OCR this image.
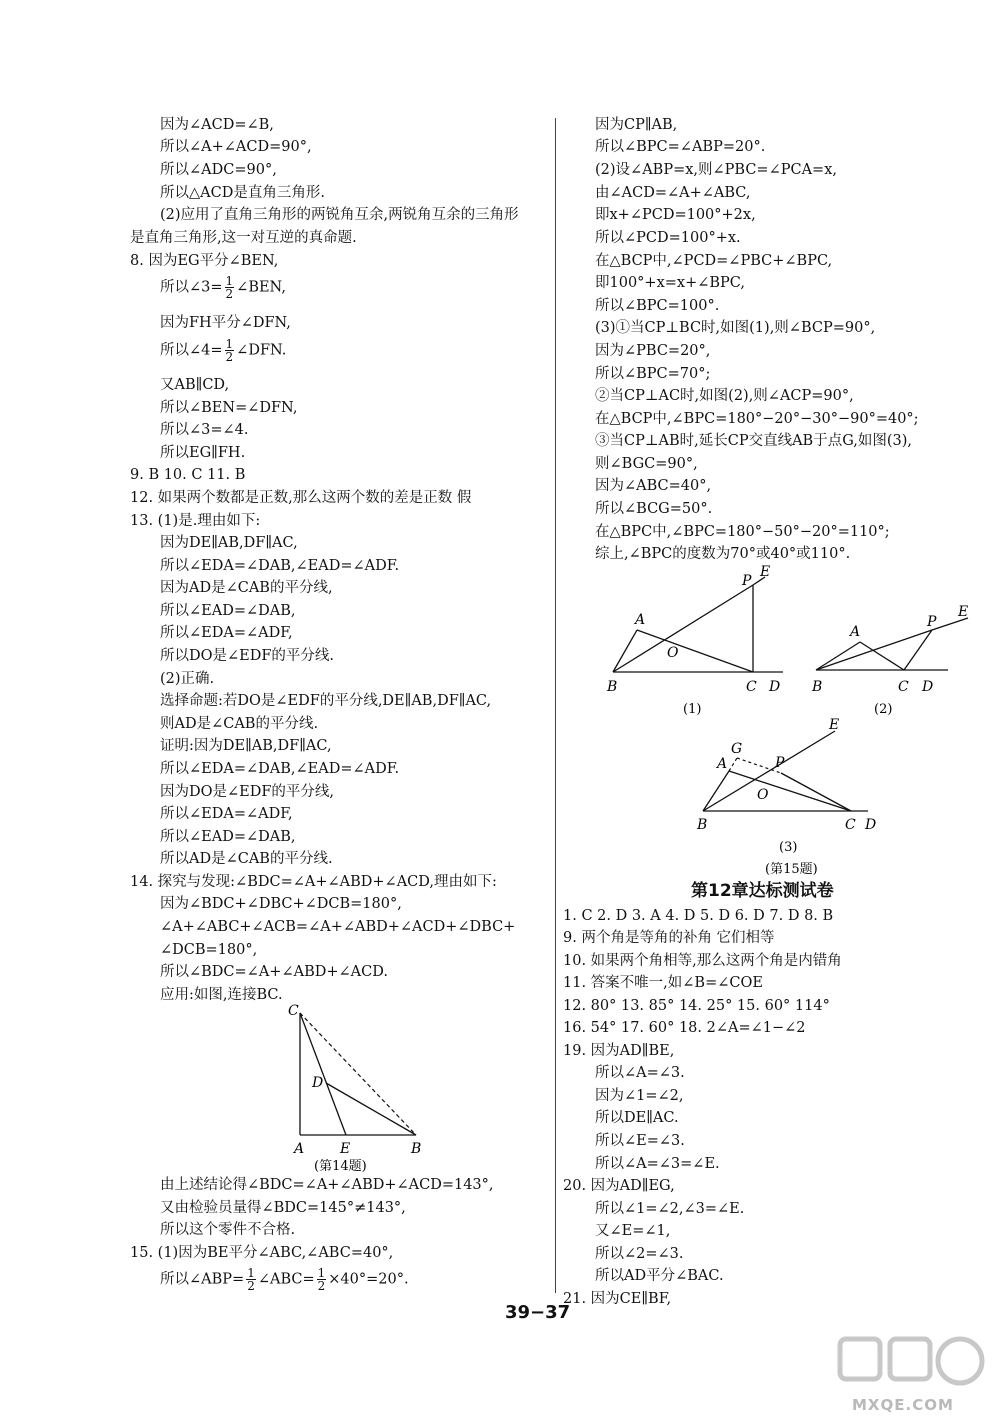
因为∠ACD=∠B,
所以∠A+∠ACD=90°,
所以∠ADC=90°,
所以△ACD是直角三角形.
(2)应用了直角三角形的两锐角互余,两锐角互余的三角形
是直角三角形,这一对互逆的真命题.
8. 因为EG平分∠BEN,
所以∠3= $\frac{1}{2}$ ∠BEN,
因为FH平分∠DFN,
所以∠4= $\frac{1}{2}$ ∠DFN.
又AB∥CD,
所以∠BEN=∠DFN,
所以∠3=∠4.
所以EG∥FH.
9. B 10. C 11. B
12. 如果两个数都是正数,那么这两个数的差是正数 假
13. (1)是.理由如下:
因为DE∥AB,DF∥AC,
所以∠EDA=∠DAB,∠EAD=∠ADF.
因为AD是∠CAB的平分线,
所以∠EAD=∠DAB,
所以∠EDA=∠ADF,
所以DO是∠EDF的平分线.
(2)正确.
选择命题:若DO是∠EDF的平分线,DE∥AB,DF∥AC,
则AD是∠CAB的平分线.
证明:因为DE∥AB,DF∥AC,
所以∠EDA=∠DAB,∠EAD=∠ADF.
因为DO是∠EDF的平分线,
所以∠EDA=∠ADF,
所以∠EAD=∠DAB,
所以AD是∠CAB的平分线.
14. 探究与发现:∠BDC=∠A+∠ABD+∠ACD,理由如下:
因为∠BDC+∠DBC+∠DCB=180°,
∠A+∠ABC+∠ACB=∠A+∠ABD+∠ACD+∠DBC+
∠DCB=180°,
所以∠BDC=∠A+∠ABD+∠ACD.
应用:如图,连接BC.
C
D
A	E	B
(第14题)
由上述结论得∠BDC=∠A+∠ABD+∠ACD=143°,
又由检验员量得∠BDC=145°≠143°,
所以这个零件不合格.
15. (1)因为BE平分∠ABC,∠ABC=40°,
所以∠ABP= $\frac{1}{2}$ ∠ABC= $\frac{1}{2} \times 40^\circ=20^\circ$.
因为CP∥AB,
所以∠BPC=∠ABP=20°.
(2)设∠ABP=x,则∠PBC=∠PCA=x,
由∠ACD=∠A+∠ABC,
即x+∠PCD=100°+2x,
所以∠PCD=100°+x.
在△BCP中,∠PCD=∠PBC+∠BPC,
即100°+x=x+∠BPC,
所以∠BPC=100°.
(3)①当CP⊥BC时,如图(1),则∠BCP=90°,
因为∠PBC=20°,
所以∠BPC=70°;
②当CP⊥AC时,如图(2),则∠ACP=90°,
在△BCP中,∠BPC=180°−20°−30°−90°=40°;
③当CP⊥AB时,延长CP交直线AB于点G,如图(3),
则∠BGC=90°,
因为∠ABC=40°,
所以∠BCG=50°.
在△BPC中,∠BPC=180°−50°−20°=110°;
综上,∠BPC的度数为70°或40°或110°.
B
A
O
P
E
C D
(1)
B
A
P
E
C D
(2)
B
A
G
P
E
O
C D
(3)
(第15题)
第12章达标测试卷
1. C 2. D 3. A 4. D 5. D 6. D 7. D 8. B
9. 两个角是等角的补角 它们相等
10. 如果两个角相等,那么这两个角是内错角
11. 答案不唯一,如∠B=∠COE
12. 80° 13. 85° 14. 25° 15. 60° 114°
16. 54° 17. 60° 18. 2∠A=∠1−∠2
19. 因为AD∥BE,
所以∠A=∠3.
因为∠1=∠2,
所以DE∥AC.
所以∠E=∠3.
所以∠A=∠3=∠E.
20. 因为AD∥EG,
所以∠1=∠2,∠3=∠E.
又∠E=∠1,
所以∠2=∠3.
所以AD平分∠BAC.
21. 因为CE∥BF,
39−37
MXQE.COM
